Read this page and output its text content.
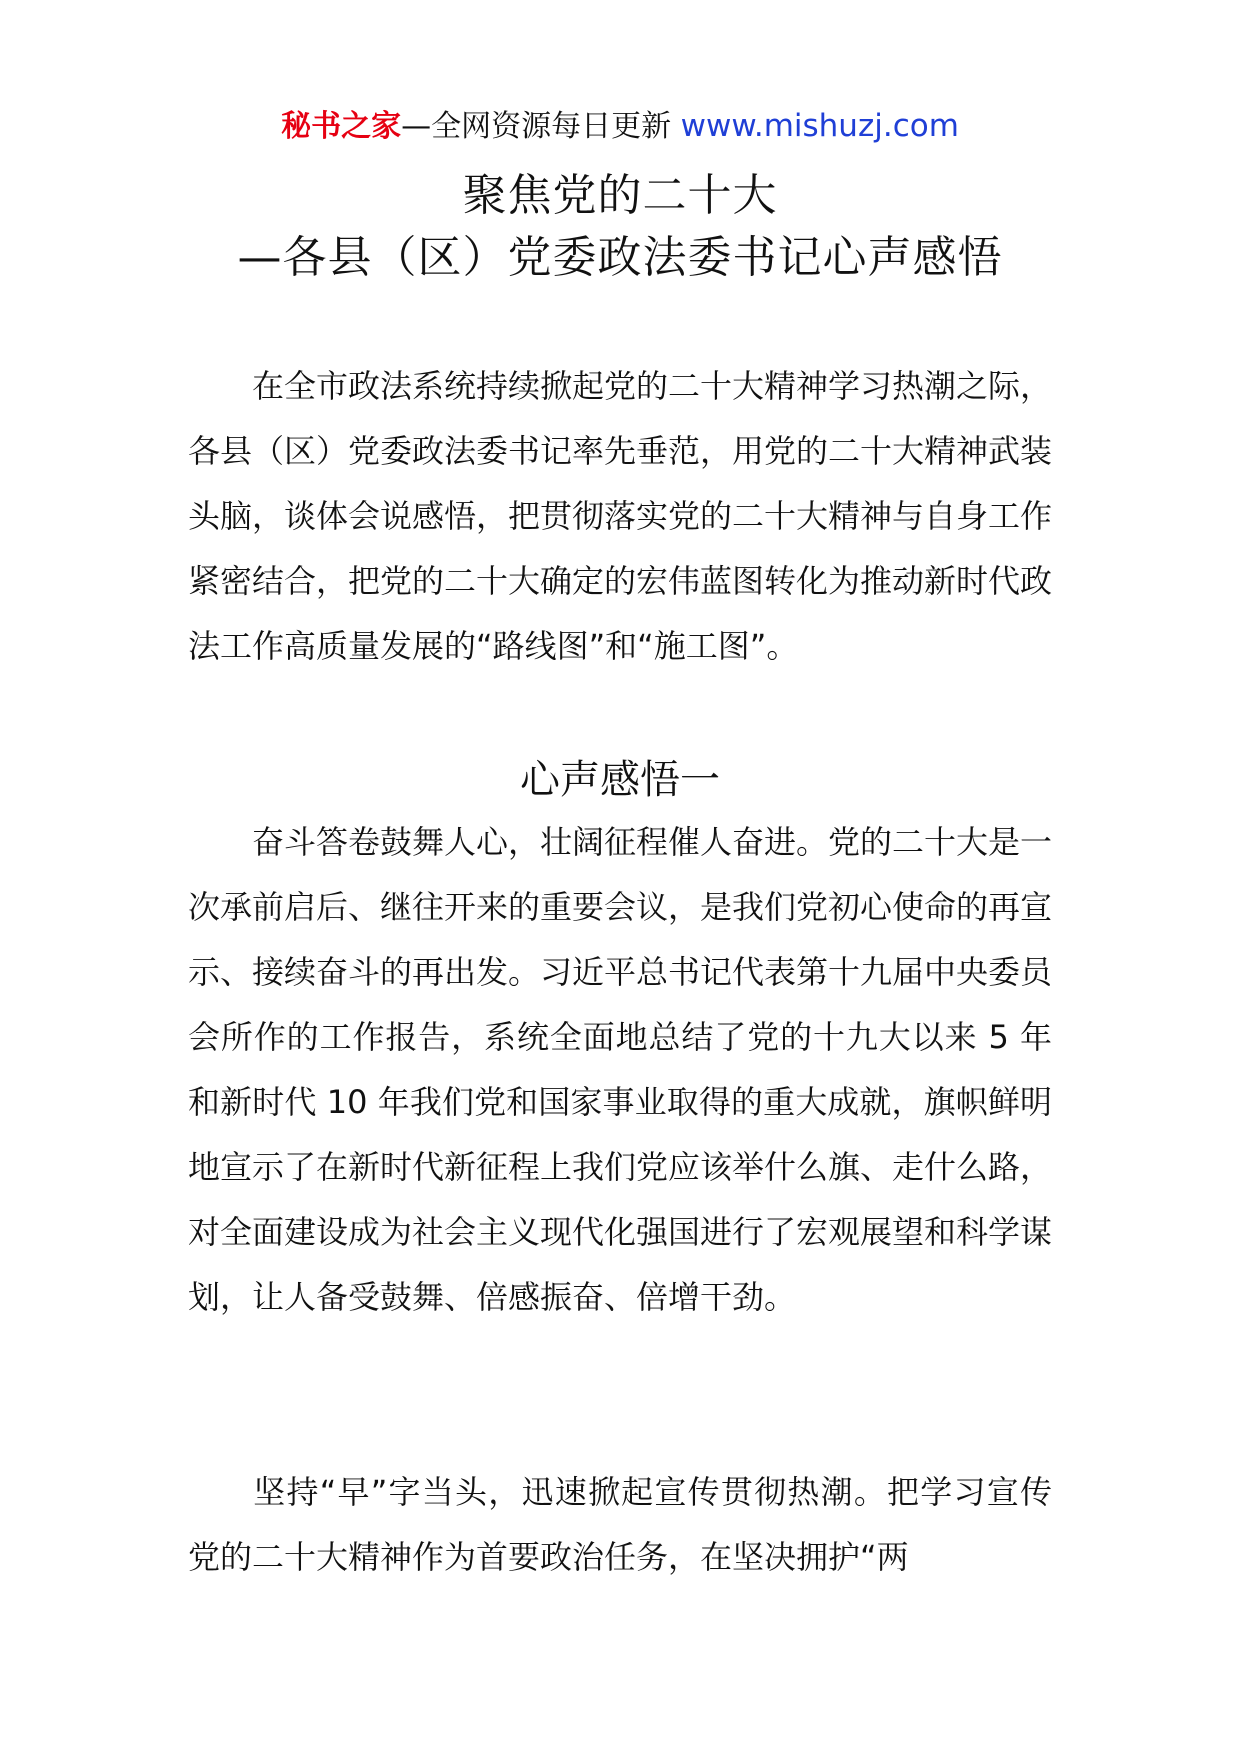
秘书之家—全网资源每日更新 www.mishuzj.com
聚焦党的二十大
—各县（区）党委政法委书记心声感悟

在全市政法系统持续掀起党的二十大精神学习热潮之际，各县（区）党委政法委书记率先垂范，用党的二十大精神武装头脑，谈体会说感悟，把贯彻落实党的二十大精神与自身工作紧密结合，把党的二十大确定的宏伟蓝图转化为推动新时代政法工作高质量发展的“路线图”和“施工图”。

心声感悟一

奋斗答卷鼓舞人心，壮阔征程催人奋进。党的二十大是一次承前启后、继往开来的重要会议，是我们党初心使命的再宣示、接续奋斗的再出发。习近平总书记代表第十九届中央委员会所作的工作报告，系统全面地总结了党的十九大以来 5 年和新时代 10 年我们党和国家事业取得的重大成就，旗帜鲜明地宣示了在新时代新征程上我们党应该举什么旗、走什么路，对全面建设成为社会主义现代化强国进行了宏观展望和科学谋划，让人备受鼓舞、倍感振奋、倍增干劲。

坚持“早”字当头，迅速掀起宣传贯彻热潮。把学习宣传党的二十大精神作为首要政治任务，在坚决拥护“两
